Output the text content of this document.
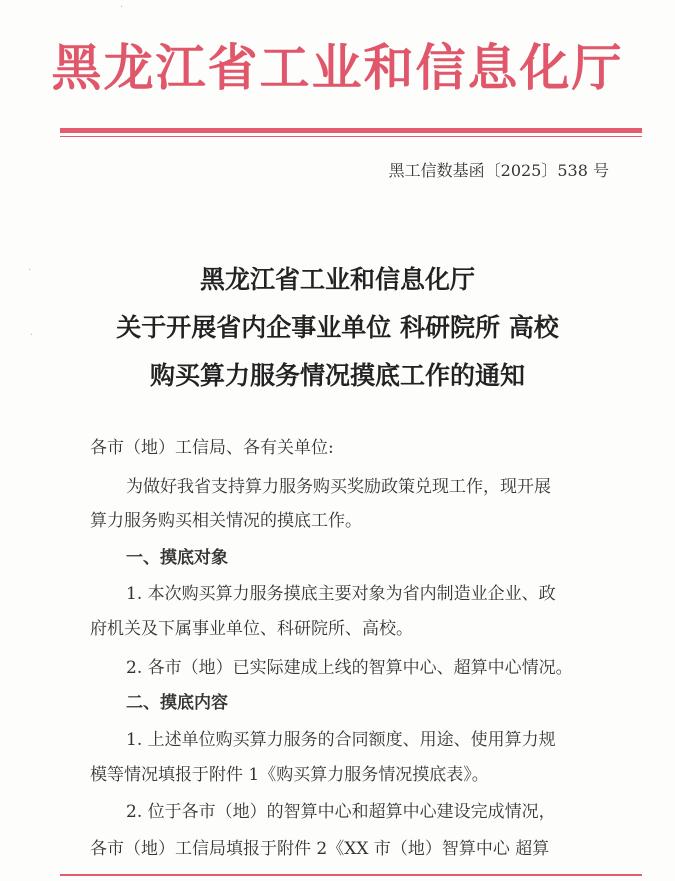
黑龙江省工业和信息化厅
黑工信数基函〔2025〕538 号
黑龙江省工业和信息化厅
关于开展省内企事业单位 科研院所 高校
购买算力服务情况摸底工作的通知
各市（地）工信局、各有关单位:
为做好我省支持算力服务购买奖励政策兑现工作，现开展
算力服务购买相关情况的摸底工作。
一、摸底对象
1. 本次购买算力服务摸底主要对象为省内制造业企业、政
府机关及下属事业单位、科研院所、高校。
2. 各市（地）已实际建成上线的智算中心、超算中心情况。
二、摸底内容
1. 上述单位购买算力服务的合同额度、用途、使用算力规
模等情况填报于附件 1《购买算力服务情况摸底表》。
2. 位于各市（地）的智算中心和超算中心建设完成情况，
各市（地）工信局填报于附件 2《XX 市（地）智算中心 超算
·
·
·
